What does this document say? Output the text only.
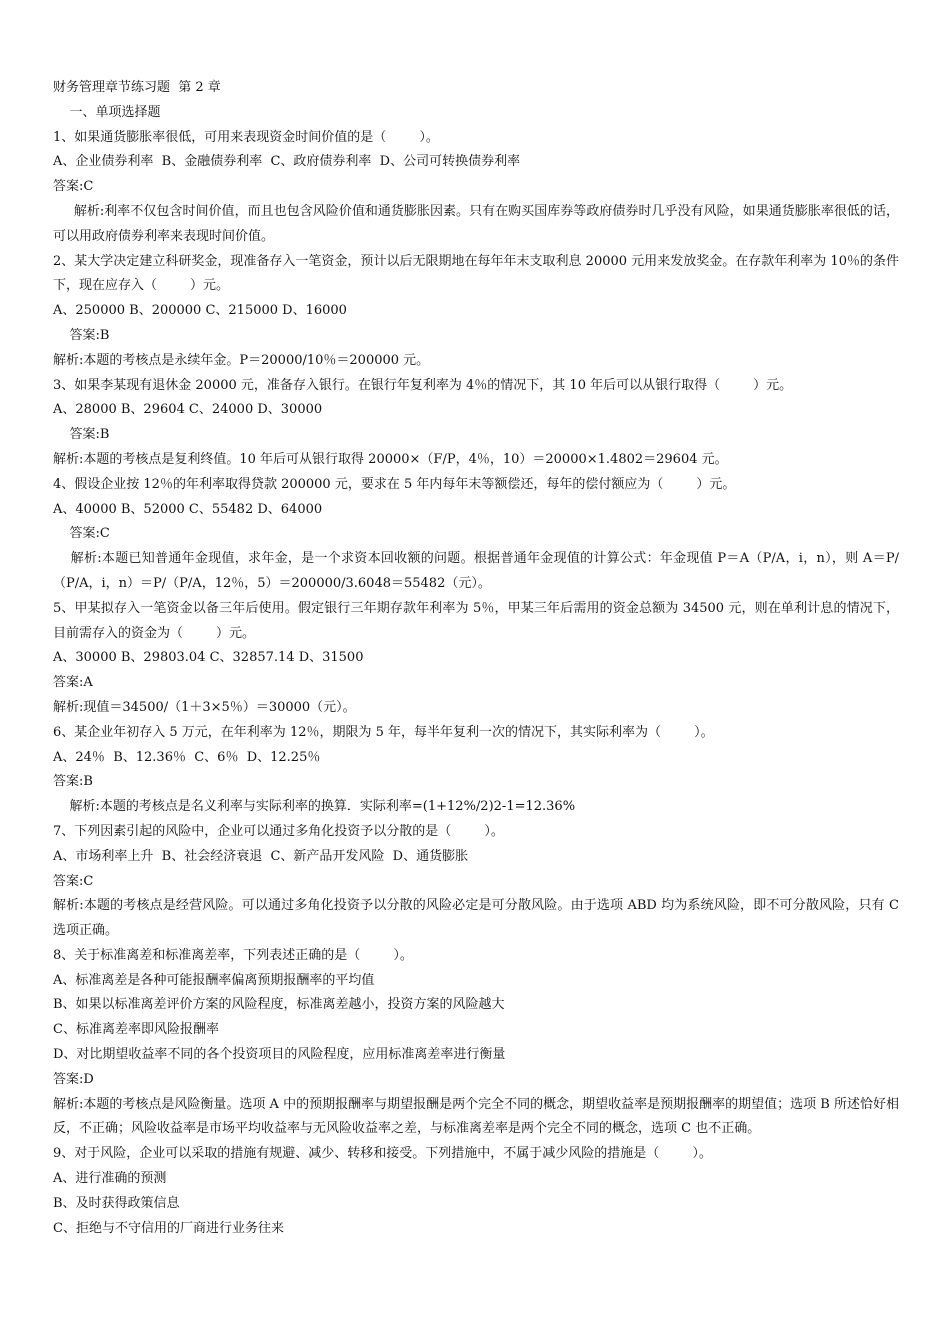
财务管理章节练习题  第 2 章

一、单项选择题

1、如果通货膨胀率很低，可用来表现资金时间价值的是（        ）。

A、企业债券利率  B、金融债券利率  C、政府债券利率  D、公司可转换债券利率

答案:C

解析:利率不仅包含时间价值，而且也包含风险价值和通货膨胀因素。只有在购买国库券等政府债券时几乎没有风险，如果通货膨胀率很低的话，可以用政府债券利率来表现时间价值。

2、某大学决定建立科研奖金，现准备存入一笔资金，预计以后无限期地在每年年末支取利息 20000 元用来发放奖金。在存款年利率为 10％的条件下，现在应存入（        ）元。

A、250000 B、200000 C、215000 D、16000

答案:B

解析:本题的考核点是永续年金。P＝20000/10％＝200000 元。

3、如果李某现有退休金 20000 元，准备存入银行。在银行年复利率为 4％的情况下，其 10 年后可以从银行取得（        ）元。

A、28000 B、29604 C、24000 D、30000

答案:B

解析:本题的考核点是复利终值。10 年后可从银行取得 20000×（F/P，4％，10）＝20000×1.4802＝29604 元。

4、假设企业按 12％的年利率取得贷款 200000 元，要求在 5 年内每年末等额偿还，每年的偿付额应为（        ）元。

A、40000 B、52000 C、55482 D、64000

答案:C

解析:本题已知普通年金现值，求年金，是一个求资本回收额的问题。根据普通年金现值的计算公式：年金现值 P＝A（P/A，i，n），则 A＝P/（P/A，i，n）＝P/（P/A，12％，5）＝200000/3.6048＝55482（元）。

5、甲某拟存入一笔资金以备三年后使用。假定银行三年期存款年利率为 5％，甲某三年后需用的资金总额为 34500 元，则在单利计息的情况下，目前需存入的资金为（        ）元。

A、30000 B、29803.04 C、32857.14 D、31500

答案:A

解析:现值＝34500/（1＋3×5％）＝30000（元）。

6、某企业年初存入 5 万元，在年利率为 12％，期限为 5 年，每半年复利一次的情况下，其实际利率为（        ）。

A、24％  B、12.36％  C、6％  D、12.25％

答案:B

解析:本题的考核点是名义利率与实际利率的换算．实际利率=(1+12%/2)2-1=12.36%

7、下列因素引起的风险中，企业可以通过多角化投资予以分散的是（        ）。

A、市场利率上升  B、社会经济衰退  C、新产品开发风险  D、通货膨胀

答案:C

解析:本题的考核点是经营风险。可以通过多角化投资予以分散的风险必定是可分散风险。由于选项 ABD 均为系统风险，即不可分散风险，只有 C 选项正确。

8、关于标准离差和标准离差率，下列表述正确的是（        ）。

A、标准离差是各种可能报酬率偏离预期报酬率的平均值

B、如果以标准离差评价方案的风险程度，标准离差越小，投资方案的风险越大

C、标准离差率即风险报酬率

D、对比期望收益率不同的各个投资项目的风险程度，应用标准离差率进行衡量

答案:D

解析:本题的考核点是风险衡量。选项 A 中的预期报酬率与期望报酬是两个完全不同的概念，期望收益率是预期报酬率的期望值；选项 B 所述恰好相反，不正确；风险收益率是市场平均收益率与无风险收益率之差，与标准离差率是两个完全不同的概念，选项 C 也不正确。

9、对于风险，企业可以采取的措施有规避、减少、转移和接受。下列措施中，不属于减少风险的措施是（        ）。

A、进行准确的预测

B、及时获得政策信息

C、拒绝与不守信用的厂商进行业务往来
